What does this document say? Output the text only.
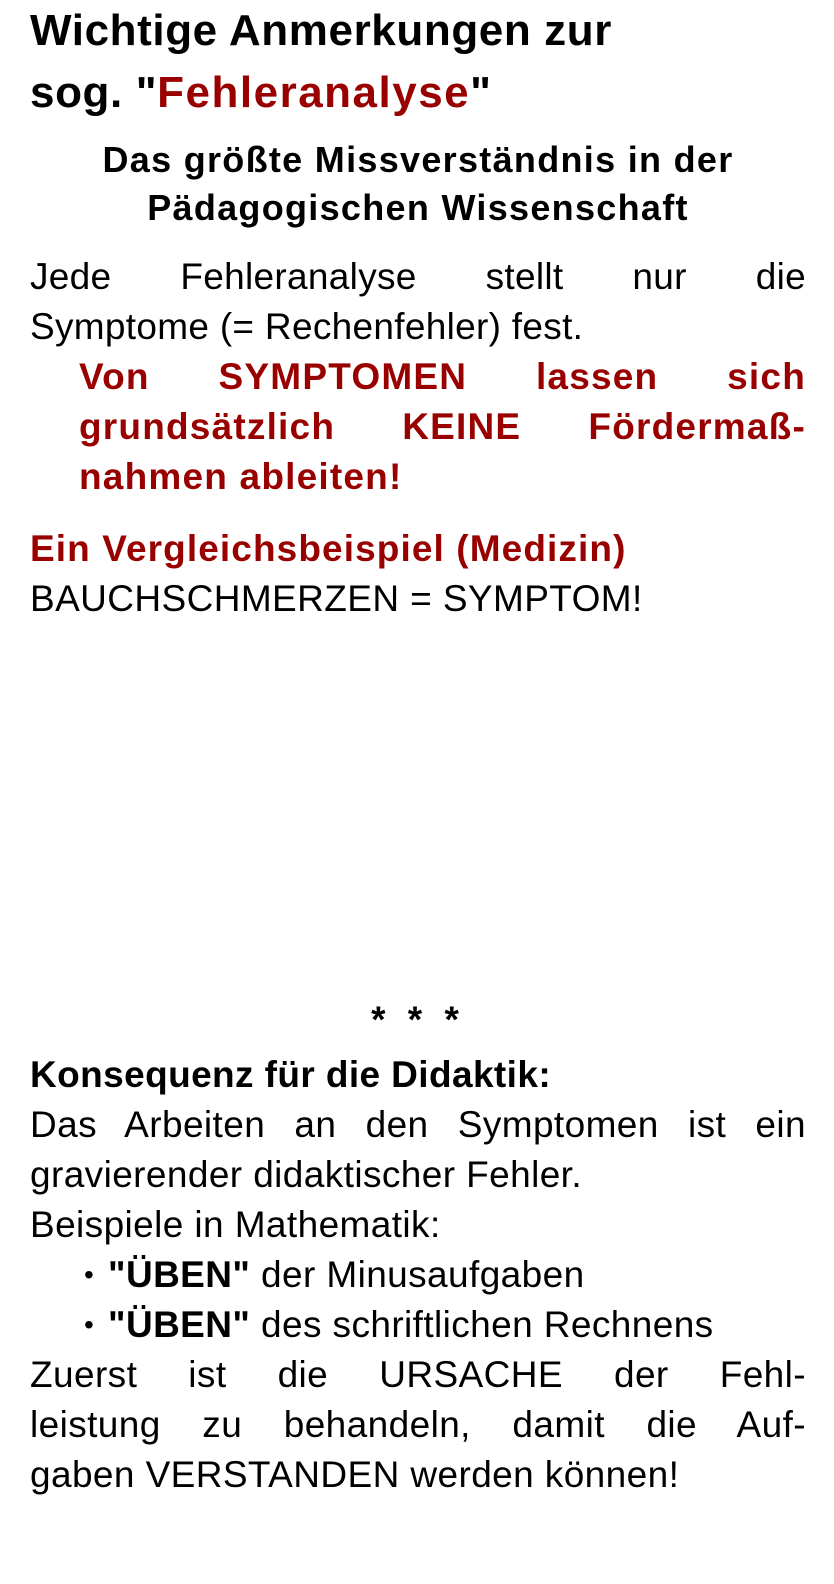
Wichtige Anmerkungen zur
sog. "Fehleranalyse"
Das größte Missverständnis in der
Pädagogischen Wissenschaft
Jede Fehleranalyse stellt nur die
Symptome (= Rechenfehler) fest.
Von SYMPTOMEN lassen sich
grundsätzlich KEINE Fördermaß-
nahmen ableiten!
Ein Vergleichsbeispiel (Medizin)
BAUCHSCHMERZEN = SYMPTOM!
* * *
Konsequenz für die Didaktik:
Das Arbeiten an den Symptomen ist ein
gravierender didaktischer Fehler.
Beispiele in Mathematik:
• "ÜBEN" der Minusaufgaben
• "ÜBEN" des schriftlichen Rechnens
Zuerst ist die URSACHE der Fehl-
leistung zu behandeln, damit die Auf-
gaben VERSTANDEN werden können!
